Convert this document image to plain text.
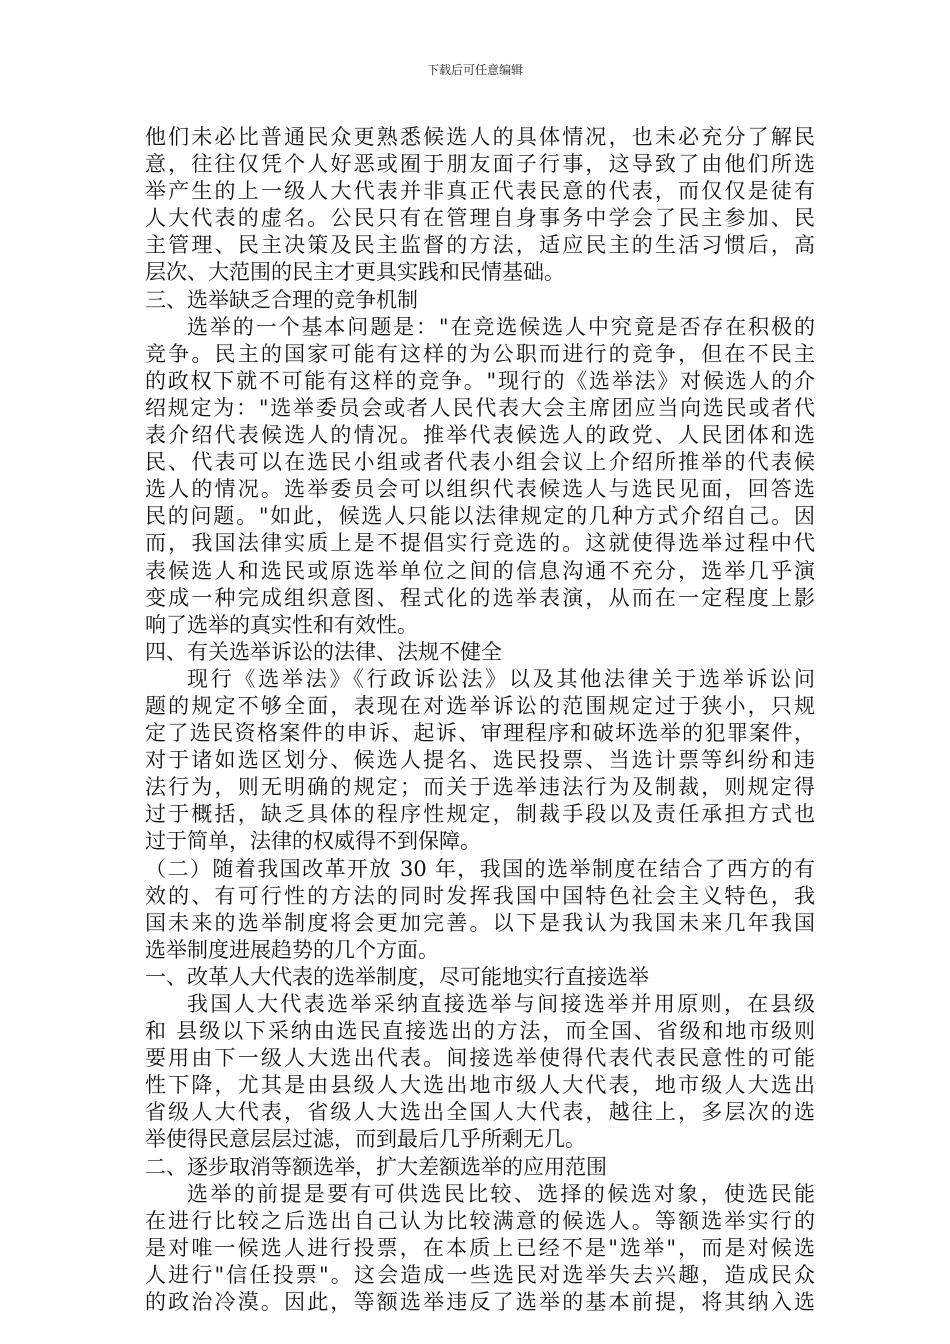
下载后可任意编辑
他们未必比普通民众更熟悉候选人的具体情况，也未必充分了解民
意，往往仅凭个人好恶或囿于朋友面子行事，这导致了由他们所选
举产生的上一级人大代表并非真正代表民意的代表，而仅仅是徒有
人大代表的虚名。公民只有在管理自身事务中学会了民主参加、民
主管理、民主决策及民主监督的方法，适应民主的生活习惯后，高
层次、大范围的民主才更具实践和民情基础。
三、选举缺乏合理的竞争机制
选举的一个基本问题是："在竞选候选人中究竟是否存在积极的
竞争。民主的国家可能有这样的为公职而进行的竞争，但在不民主
的政权下就不可能有这样的竞争。"现行的《选举法》对候选人的介
绍规定为："选举委员会或者人民代表大会主席团应当向选民或者代
表介绍代表候选人的情况。推举代表候选人的政党、人民团体和选
民、代表可以在选民小组或者代表小组会议上介绍所推举的代表候
选人的情况。选举委员会可以组织代表候选人与选民见面，回答选
民的问题。"如此，候选人只能以法律规定的几种方式介绍自己。因
而，我国法律实质上是不提倡实行竞选的。这就使得选举过程中代
表候选人和选民或原选举单位之间的信息沟通不充分，选举几乎演
变成一种完成组织意图、程式化的选举表演，从而在一定程度上影
响了选举的真实性和有效性。
四、有关选举诉讼的法律、法规不健全
现行《选举法》《行政诉讼法》以及其他法律关于选举诉讼问
题的规定不够全面，表现在对选举诉讼的范围规定过于狭小，只规
定了选民资格案件的申诉、起诉、审理程序和破坏选举的犯罪案件，
对于诸如选区划分、候选人提名、选民投票、当选计票等纠纷和违
法行为，则无明确的规定；而关于选举违法行为及制裁，则规定得
过于概括，缺乏具体的程序性规定，制裁手段以及责任承担方式也
过于简单，法律的权威得不到保障。
（二）随着我国改革开放 30 年，我国的选举制度在结合了西方的有
效的、有可行性的方法的同时发挥我国中国特色社会主义特色，我
国未来的选举制度将会更加完善。以下是我认为我国未来几年我国
选举制度进展趋势的几个方面。
一、改革人大代表的选举制度，尽可能地实行直接选举
我国人大代表选举采纳直接选举与间接选举并用原则，在县级
和 县级以下采纳由选民直接选出的方法，而全国、省级和地市级则
要用由下一级人大选出代表。间接选举使得代表代表民意性的可能
性下降，尤其是由县级人大选出地市级人大代表，地市级人大选出
省级人大代表，省级人大选出全国人大代表，越往上，多层次的选
举使得民意层层过滤，而到最后几乎所剩无几。
二、逐步取消等额选举，扩大差额选举的应用范围
选举的前提是要有可供选民比较、选择的候选对象，使选民能
在进行比较之后选出自己认为比较满意的候选人。等额选举实行的
是对唯一候选人进行投票，在本质上已经不是"选举"，而是对候选
人进行"信任投票"。这会造成一些选民对选举失去兴趣，造成民众
的政治冷漠。因此，等额选举违反了选举的基本前提，将其纳入选
